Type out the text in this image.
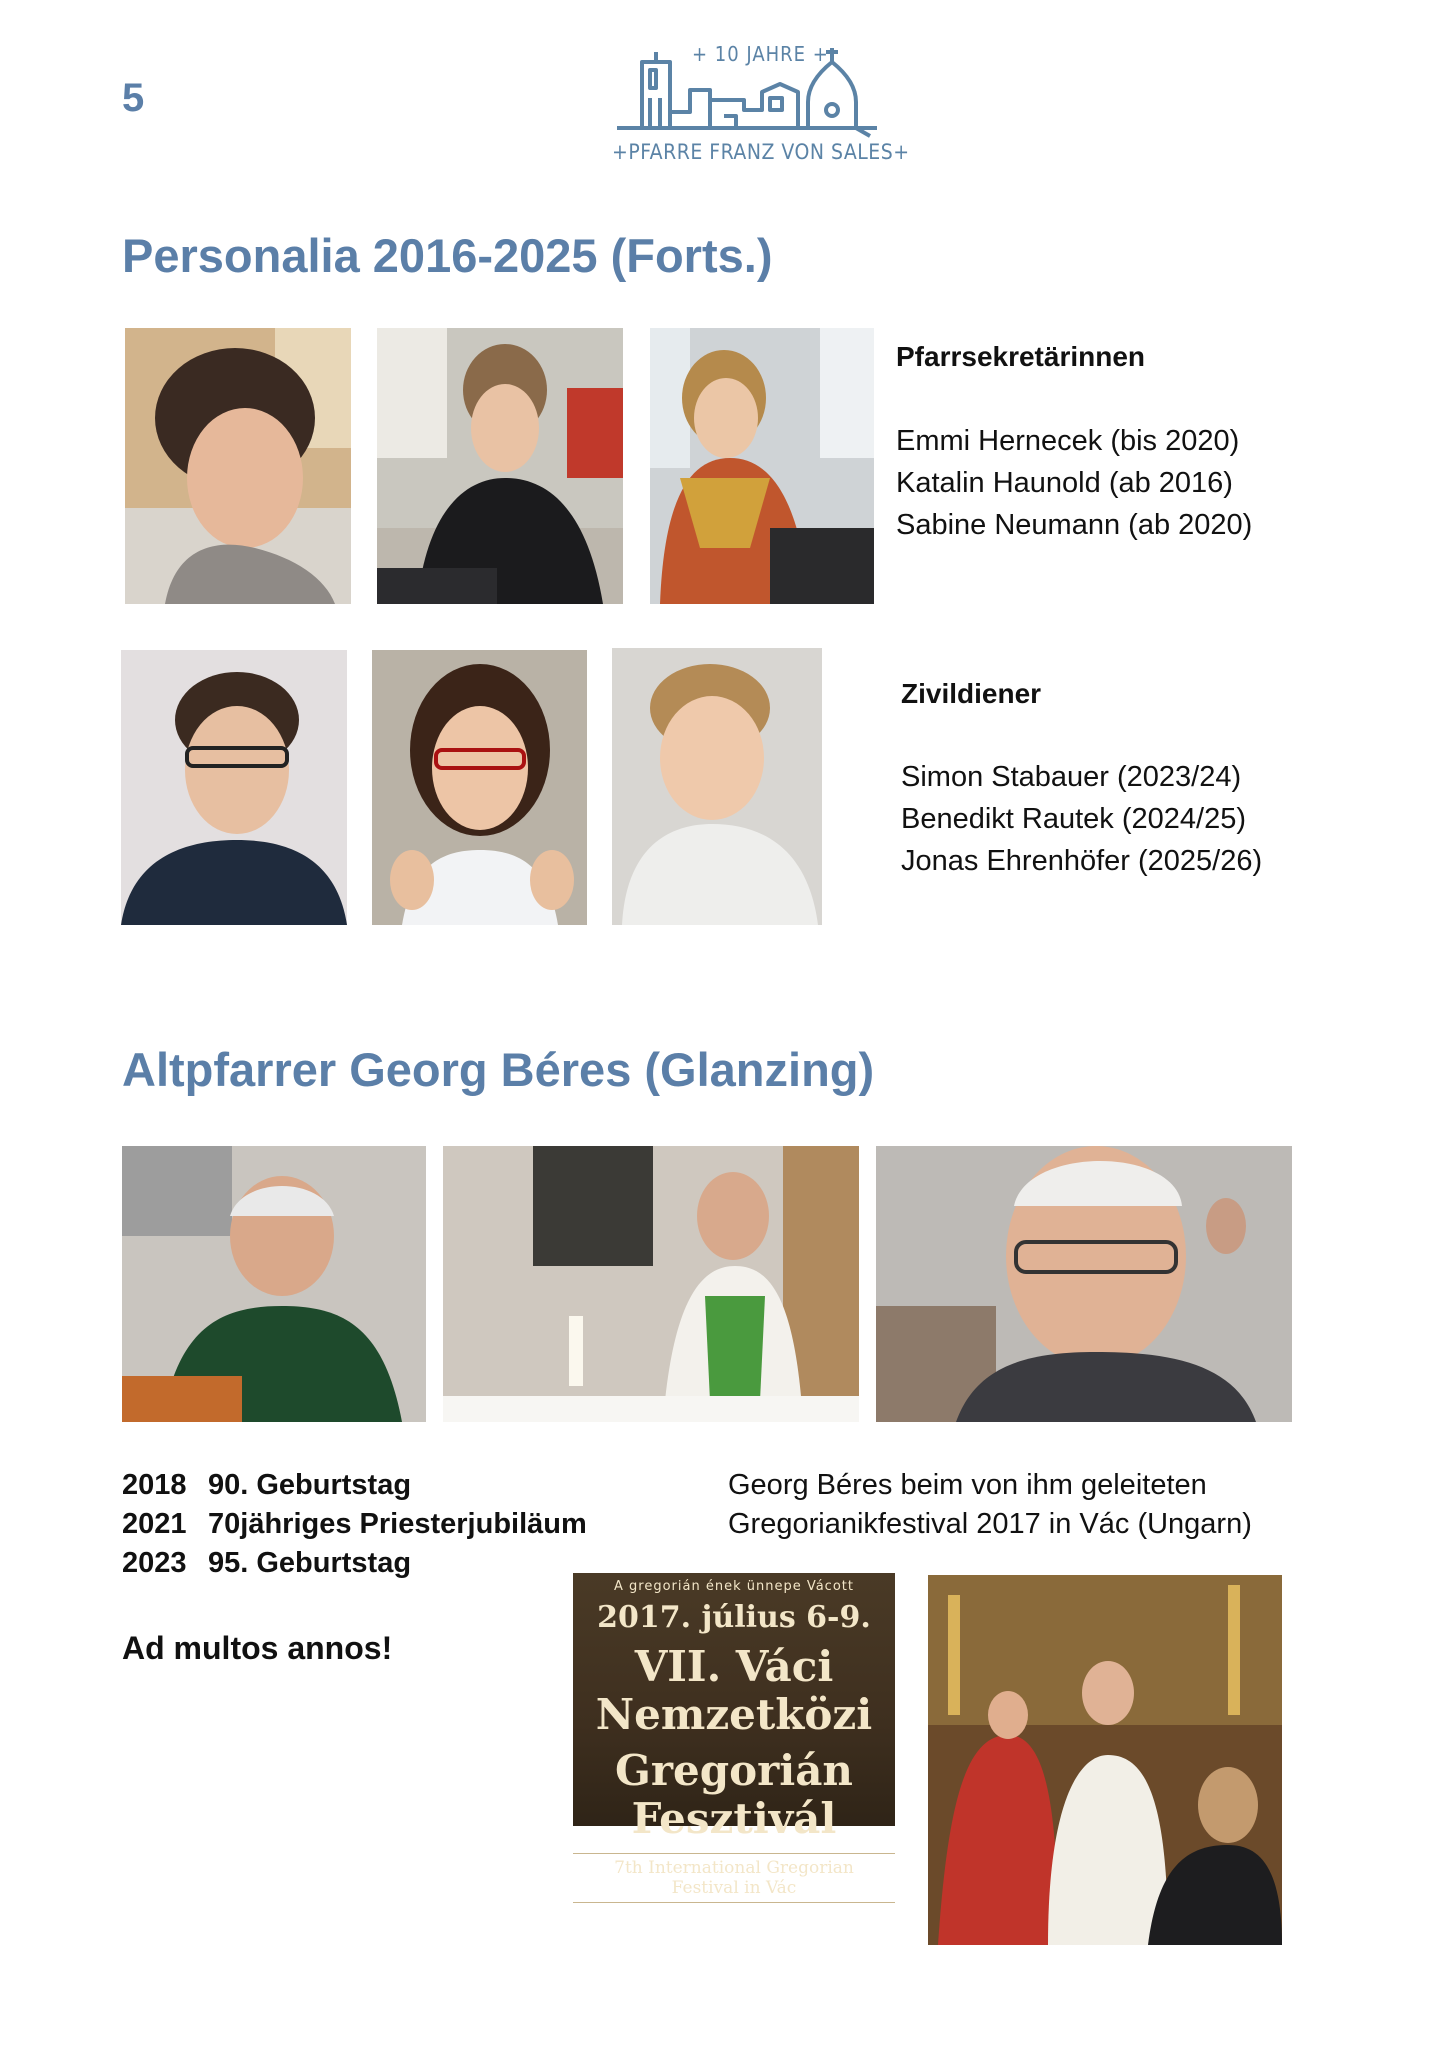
5
+ 10 JAHRE +
+PFARRE FRANZ VON SALES+
Personalia 2016-2025 (Forts.)
Pfarrsekretärinnen
Emmi Hernecek (bis 2020)
Katalin Haunold (ab 2016)
Sabine Neumann (ab 2020)
Zivildiener
Simon Stabauer (2023/24)
Benedikt Rautek (2024/25)
Jonas Ehrenhöfer (2025/26)
Altpfarrer Georg Béres (Glanzing)
2018 90. Geburtstag
2021 70jähriges Priesterjubiläum
2023 95. Geburtstag
Ad multos annos!
Georg Béres beim von ihm geleiteten
Gregorianikfestival 2017 in Vác (Ungarn)
A gregorián ének ünnepe Vácott
2017. július 6-9.
VII. Váci Nemzetközi
Gregorián Fesztivál
7th International Gregorian Festival in Vác
